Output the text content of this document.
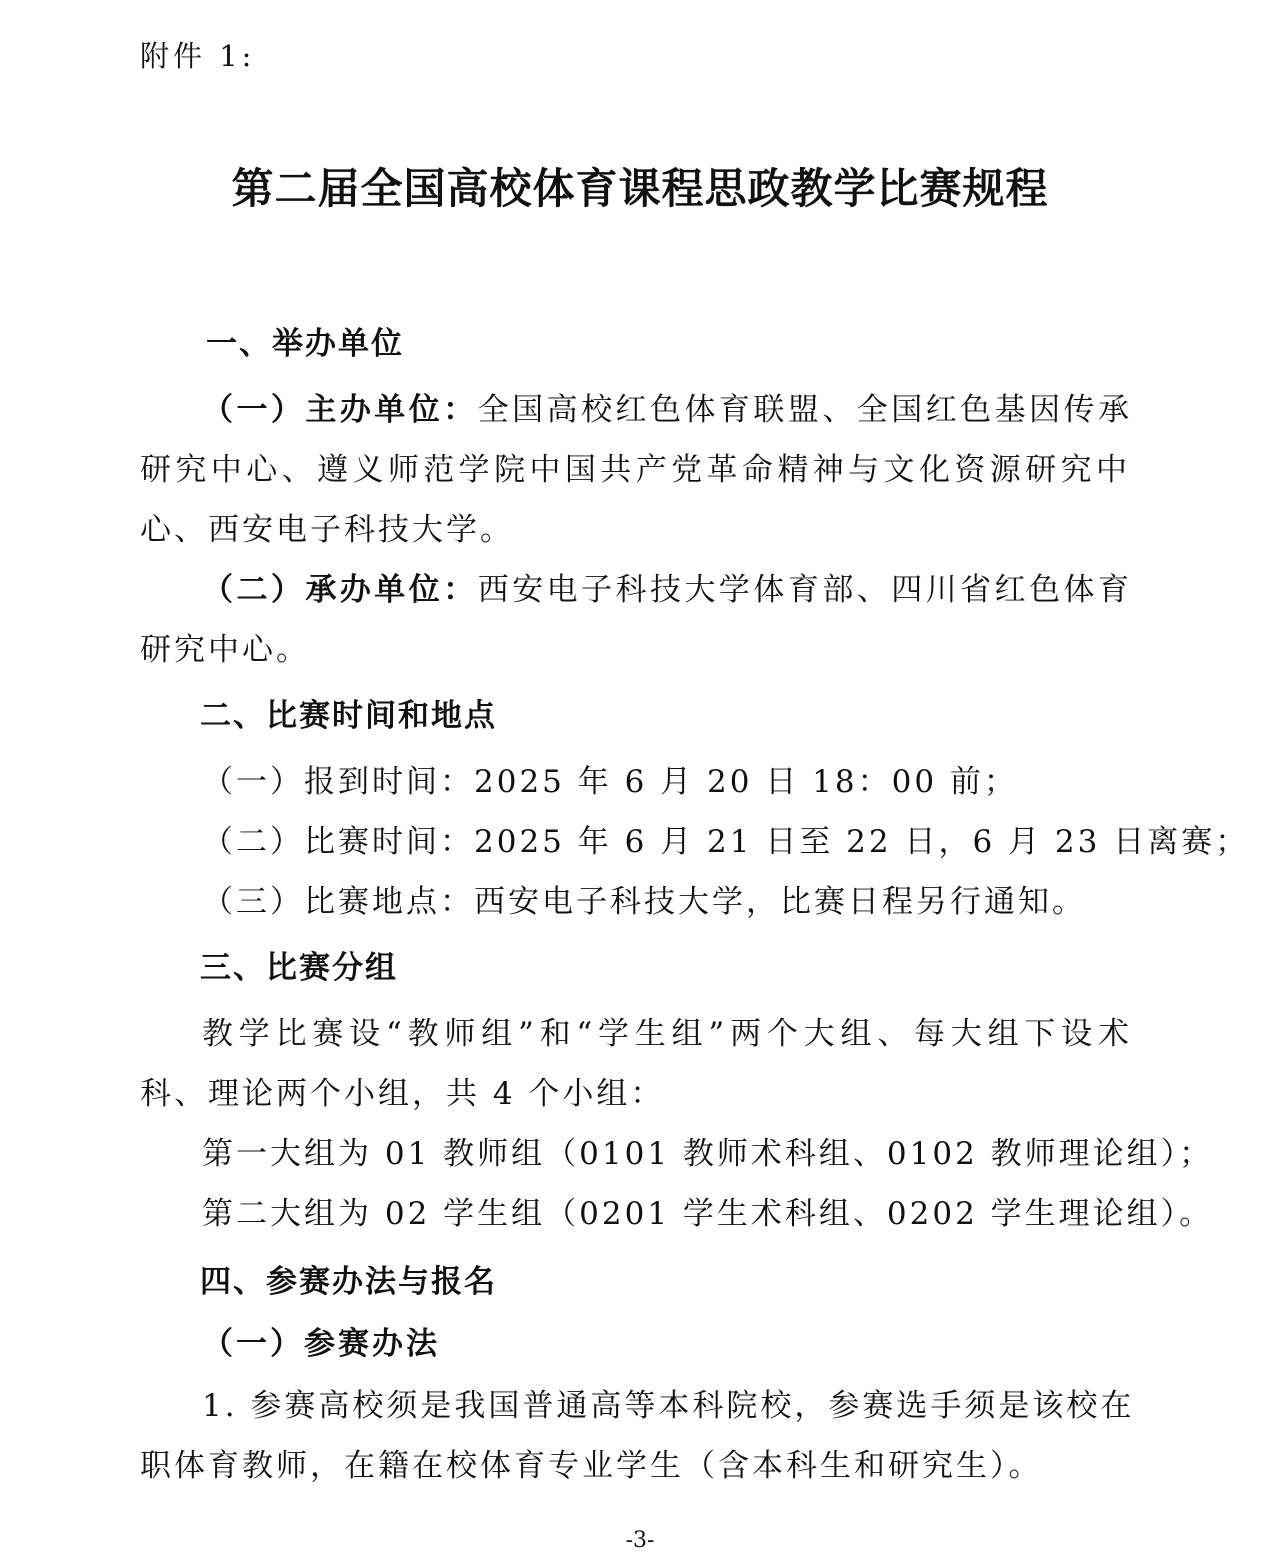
附件 1:
第二届全国高校体育课程思政教学比赛规程
一、举办单位
（一）主办单位：全国高校红色体育联盟、全国红色基因传承
研究中心、遵义师范学院中国共产党革命精神与文化资源研究中
心、西安电子科技大学。
（二）承办单位：西安电子科技大学体育部、四川省红色体育
研究中心。
二、比赛时间和地点
（一）报到时间：2025 年 6 月 20 日 18：00 前；
（二）比赛时间：2025 年 6 月 21 日至 22 日，6 月 23 日离赛；
（三）比赛地点：西安电子科技大学，比赛日程另行通知。
三、比赛分组
教学比赛设“教师组”和“学生组”两个大组、每大组下设术
科、理论两个小组，共 4 个小组：
第一大组为 01 教师组（0101 教师术科组、0102 教师理论组）；
第二大组为 02 学生组（0201 学生术科组、0202 学生理论组）。
四、参赛办法与报名
（一）参赛办法
1. 参赛高校须是我国普通高等本科院校，参赛选手须是该校在
职体育教师，在籍在校体育专业学生（含本科生和研究生）。
-3-
